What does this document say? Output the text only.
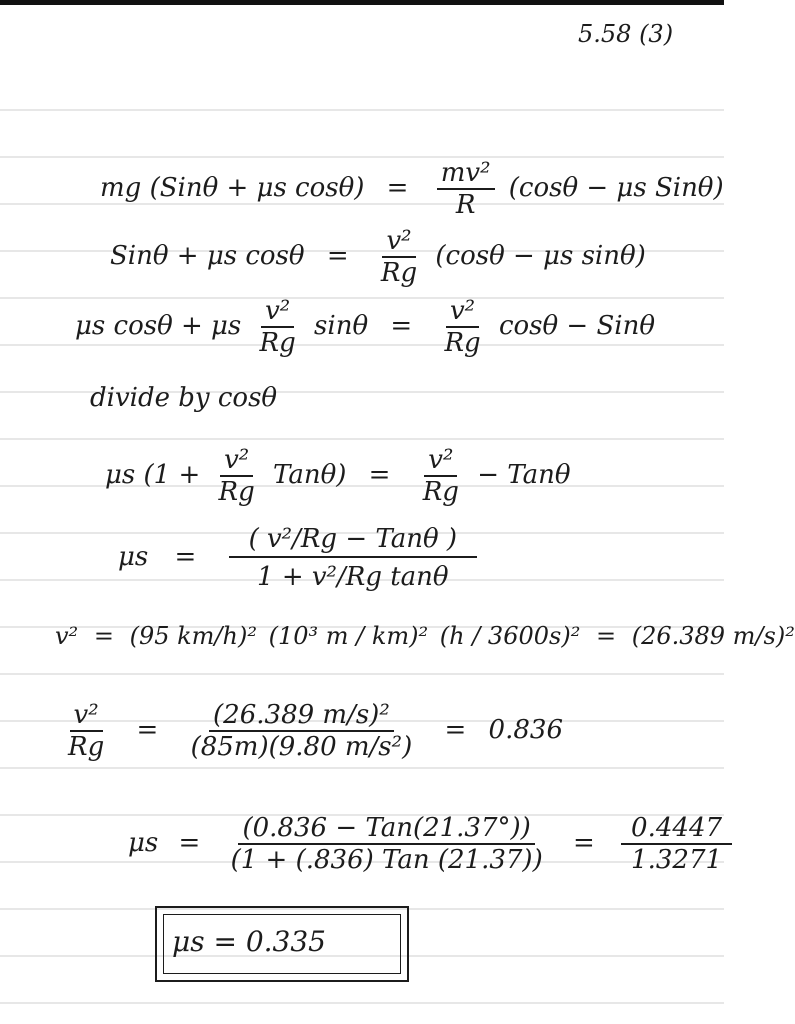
5.58 (3)
mg (Sinθ + μs $\cos\theta) = \frac{\text{mv²}}{R} (\cos\theta - \mu s$ Sinθ)
Sinθ + μs $\cos\theta = \frac{\text{v²}}{Rg} (\cos\theta - \mu s$ sinθ)
μs cosθ + μs $\frac{\text{v²}}{Rg}$ $\sin\theta = \frac{\text{v²}}{Rg}$ cosθ − Sinθ
divide by cosθ
μs $(1 + \frac{\text{v²}}{Rg} Tan\theta) = \frac{\text{v²}}{Rg} - Tan\theta$
$\mu s = \frac{\text{( v²/Rg − Tanθ )}}{\text{1 + v²/Rg tanθ}}$
v² = (95 km/h)² (10³ m / km)² (h / 3600s)² = (26.389 m/s)²
$\frac{\text{v²}}{Rg} = \frac{\text{(26.389 m/s)²}}{\text{(85m)(9.80 m/s²)}} = 0.836$
$\mu s = \frac{\text{(0.836 − Tan(21.37°))}}{\text{(1 + (.836) Tan (21.37))}} = \frac{0.4447}{1.3271}$
μs = 0.335
